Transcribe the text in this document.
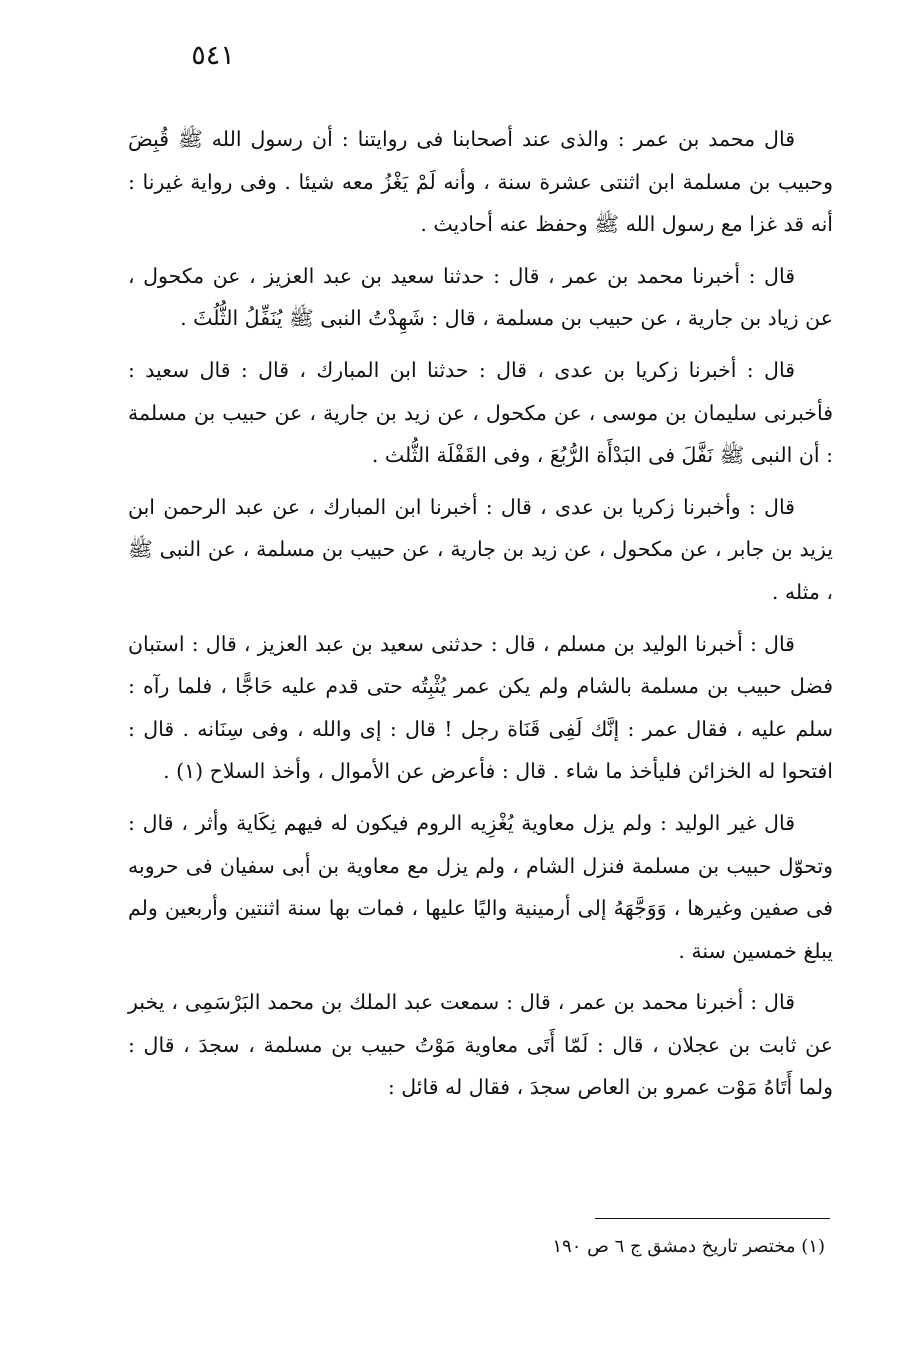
٥٤١

قال محمد بن عمر : والذى عند أصحابنا فى روايتنا : أن رسول الله ﷺ قُبِضَ وحبيب بن مسلمة ابن اثنتى عشرة سنة ، وأنه لَمْ يَغْزُ معه شيئا . وفى رواية غيرنا : أنه قد غزا مع رسول الله ﷺ وحفظ عنه أحاديث .

قال : أخبرنا محمد بن عمر ، قال : حدثنا سعيد بن عبد العزيز ، عن مكحول ، عن زياد بن جارية ، عن حبيب بن مسلمة ، قال : شَهِدْتُ النبى ﷺ يُنَفِّلُ الثُّلُثَ .

قال : أخبرنا زكريا بن عدى ، قال : حدثنا ابن المبارك ، قال : قال سعيد : فأخبرنى سليمان بن موسى ، عن مكحول ، عن زيد بن جارية ، عن حبيب بن مسلمة : أن النبى ﷺ نَفَّلَ فى البَدْأَة الرُّبُعَ ، وفى القَفْلَة الثُّلث .

قال : وأخبرنا زكريا بن عدى ، قال : أخبرنا ابن المبارك ، عن عبد الرحمن ابن يزيد بن جابر ، عن مكحول ، عن زيد بن جارية ، عن حبيب بن مسلمة ، عن النبى ﷺ ، مثله .

قال : أخبرنا الوليد بن مسلم ، قال : حدثنى سعيد بن عبد العزيز ، قال : استبان فضل حبيب بن مسلمة بالشام ولم يكن عمر يُثْبِتُه حتى قدم عليه حَاجًّا ، فلما رآه : سلم عليه ، فقال عمر : إنَّك لَفِى قَنَاة رجل ! قال : إى والله ، وفى سِنَانه . قال : افتحوا له الخزائن فليأخذ ما شاء . قال : فأعرض عن الأموال ، وأخذ السلاح (١) .

قال غير الوليد : ولم يزل معاوية يُغْزِيه الروم فيكون له فيهم نِكَاية وأثر ، قال : وتحوّل حبيب بن مسلمة فنزل الشام ، ولم يزل مع معاوية بن أبى سفيان فى حروبه فى صفين وغيرها ، وَوَجَّهَهُ إلى أرمينية واليًا عليها ، فمات بها سنة اثنتين وأربعين ولم يبلغ خمسين سنة .

قال : أخبرنا محمد بن عمر ، قال : سمعت عبد الملك بن محمد البَرْسَمِى ، يخبر عن ثابت بن عجلان ، قال : لَمّا أَتَى معاوية مَوْتُ حبيب بن مسلمة ، سجدَ ، قال : ولما أَتَاهُ مَوْت عمرو بن العاص سجدَ ، فقال له قائل :

(١) مختصر تاريخ دمشق ج ٦ ص ١٩٠
